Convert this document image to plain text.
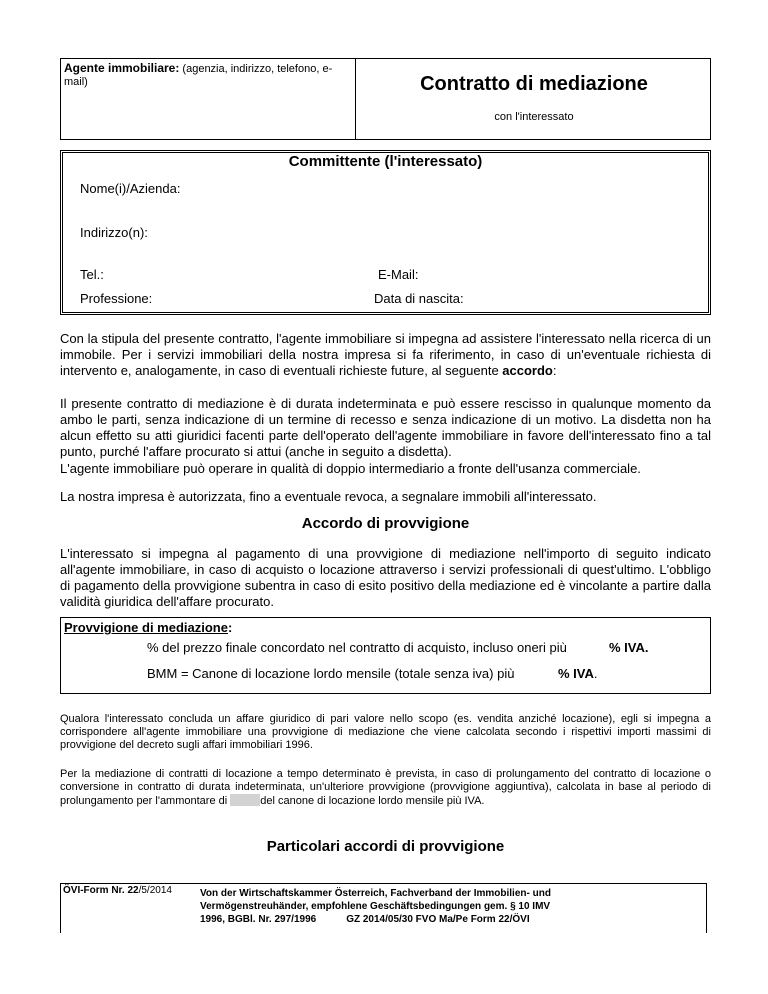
Agente immobiliare: (agenzia, indirizzo, telefono, e-mail)	Contratto di mediazione
con l'interessato
Committente (l'interessato)
Nome(i)/Azienda:
Indirizzo(n):
Tel.:	E-Mail:
Professione:	Data di nascita:
Con la stipula del presente contratto, l'agente immobiliare si impegna ad assistere l'interessato nella ricerca di un immobile. Per i servizi immobiliari della nostra impresa si fa riferimento, in caso di un'eventuale richiesta di intervento e, analogamente, in caso di eventuali richieste future, al seguente accordo:
Il presente contratto di mediazione è di durata indeterminata e può essere rescisso in qualunque momento da ambo le parti, senza indicazione di un termine di recesso e senza indicazione di un motivo. La disdetta non ha alcun effetto su atti giuridici facenti parte dell'operato dell'agente immobiliare in favore dell'interessato fino a tal punto, purché l'affare procurato si attui (anche in seguito a disdetta).
L'agente immobiliare può operare in qualità di doppio intermediario a fronte dell'usanza commerciale.
La nostra impresa è autorizzata, fino a eventuale revoca, a segnalare immobili all'interessato.
Accordo di provvigione
L'interessato si impegna al pagamento di una provvigione di mediazione nell'importo di seguito indicato all'agente immobiliare, in caso di acquisto o locazione attraverso i servizi professionali di quest'ultimo. L'obbligo di pagamento della provvigione subentra in caso di esito positivo della mediazione ed è vincolante a partire dalla validità giuridica dell'affare procurato.
Provvigione di mediazione:
% del prezzo finale concordato nel contratto di acquisto, incluso oneri più	% IVA.
BMM = Canone di locazione lordo mensile (totale senza iva) più	% IVA.
Qualora l'interessato concluda un affare giuridico di pari valore nello scopo (es. vendita anziché locazione), egli si impegna a corrispondere all'agente immobiliare una provvigione di mediazione che viene calcolata secondo i rispettivi importi massimi di provvigione del decreto sugli affari immobiliari 1996.
Per la mediazione di contratti di locazione a tempo determinato è prevista, in caso di prolungamento del contratto di locazione o conversione in contratto di durata indeterminata, un'ulteriore provvigione (provvigione aggiuntiva), calcolata in base al periodo di prolungamento per l'ammontare di	del canone di locazione lordo mensile più IVA.
Particolari accordi di provvigione
ÖVI-Form Nr. 22/5/2014	Von der Wirtschaftskammer Österreich, Fachverband der Immobilien- und
Vermögenstreuhänder, empfohlene Geschäftsbedingungen gem. § 10 IMV
1996, BGBl. Nr. 297/1996	GZ 2014/05/30 FVO Ma/Pe Form 22/ÖVI
